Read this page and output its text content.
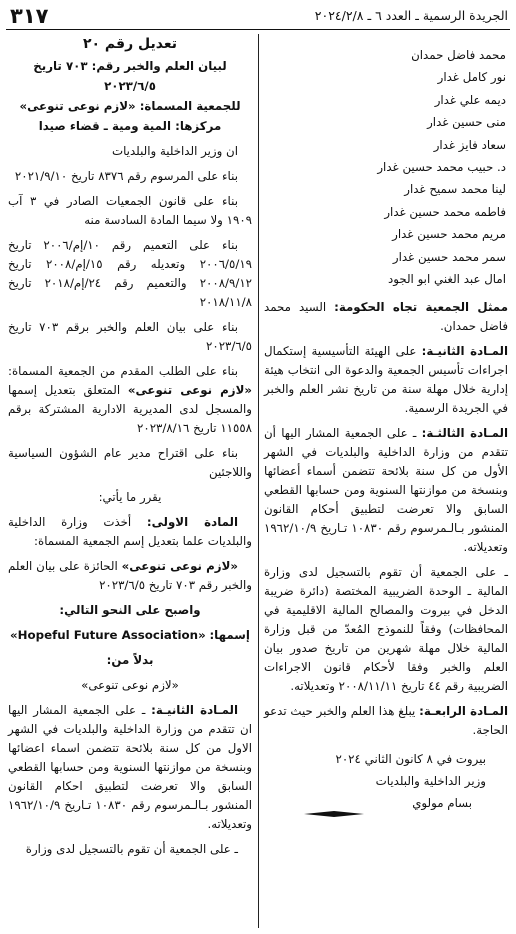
الجريدة الرسمية ـ العدد ٦ ـ ٢٠٢٤/٢/٨
٣١٧
محمد فاضل حمدان
نور كامل غدار
ديمه علي غدار
منى حسين غدار
سعاد فايز غدار
د. حبيب محمد حسين غدار
لينا محمد سميح غدار
فاطمه محمد حسين غدار
مريم محمد حسين غدار
سمر محمد حسين غدار
امال عبد الغني ابو الجود

ممثل الجمعية تجاه الحكومة: السيد محمد فاضل حمدان.

المـادة الثانيـة: على الهيئة التأسيسية إستكمال اجراءات تأسيس الجمعية والدعوة الى انتخاب هيئة إدارية خلال مهلة سنة من تاريخ نشر العلم والخبر في الجريدة الرسمية.

المـادة الثالثـة: ـ على الجمعية المشار اليها أن تتقدم من وزارة الداخلية والبلديات في الشهر الأول من كل سنة بلائحة تتضمن أسماء أعضائها وبنسخة من موازنتها السنوية ومن حسابها القطعي السابق والا تعرضت لتطبيق أحكام القانون المنشور بـالـمرسوم رقم ١٠٨٣٠ تـاريخ ١٩٦٢/١٠/٩ وتعديلاته.

ـ على الجمعية أن تقوم بالتسجيل لدى وزارة المالية ـ الوحدة الضريبية المختصة (دائرة ضريبة الدخل في بيروت والمصالح المالية الاقليمية في المحافظات) وفقاً للنموذج المُعدّ من قبل وزارة المالية خلال مهلة شهرين من تاريخ صدور بيان العلم والخبر وفقا لأحكام قانون الاجراءات الضريبية رقم ٤٤ تاريخ ٢٠٠٨/١١/١١ وتعديلاته.

المـادة الرابعـة: يبلغ هذا العلم والخبر حيث تدعو الحاجة.

بيروت في ٨ كانون الثاني ٢٠٢٤
وزير الداخلية والبلديات
بسام مولوي
تعديل رقم ٢٠
لبيان العلم والخبر رقم: ٧٠٣ تاريخ ٢٠٢٣/٦/٥
للجمعية المسماة: «لازم نوعى تنوعى»
مركزها: المية ومية ـ قضاء صيدا

ان وزير الداخلية والبلديات

بناء على المرسوم رقم ٨٣٧٦ تاريخ ٢٠٢١/٩/١٠

بناء على قانون الجمعيات الصادر في ٣ آب ١٩٠٩ ولا سيما المادة السادسة منه

بناء على التعميم رقم ١٠/إم/٢٠٠٦ تاريخ ٢٠٠٦/٥/١٩ وتعديله رقم ١٥/إم/٢٠٠٨ تاريخ ٢٠٠٨/٩/١٢ والتعميم رقم ٢٤/إم/٢٠١٨ تاريخ ٢٠١٨/١١/٨

بناء على بيان العلم والخبر برقم ٧٠٣ تاريخ ٢٠٢٣/٦/٥

بناء على الطلب المقدم من الجمعية المسماة: «لازم نوعى تنوعى» المتعلق بتعديل إسمها والمسجل لدى المديرية الادارية المشتركة برقم ١١٥٥٨ تاريخ ٢٠٢٣/٨/١٦

بناء على اقتراح مدير عام الشؤون السياسية واللاجئين

يقرر ما يأتي:

المادة الاولى: أخذت وزارة الداخلية والبلديات علما بتعديل إسم الجمعية المسماة:

«لازم نوعى تنوعى» الحائزة على بيان العلم والخبر رقم ٧٠٣ تاريخ ٢٠٢٣/٦/٥

واصبح على النحو التالي:

إسمها: «Hopeful Future Association»

بدلاً من:

«لازم نوعى تنوعى»

المـادة الثانيـة: ـ على الجمعية المشار اليها ان تتقدم من وزارة الداخلية والبلديات في الشهر الاول من كل سنة بلائحة تتضمن اسماء اعضائها وبنسخة من موازنتها السنوية ومن حسابها القطعي السابق والا تعرضت لتطبيق احكام القانون المنشور بـالـمرسوم رقم ١٠٨٣٠ تـاريخ ١٩٦٢/١٠/٩ وتعديلاته.

ـ على الجمعية أن تقوم بالتسجيل لدى وزارة
